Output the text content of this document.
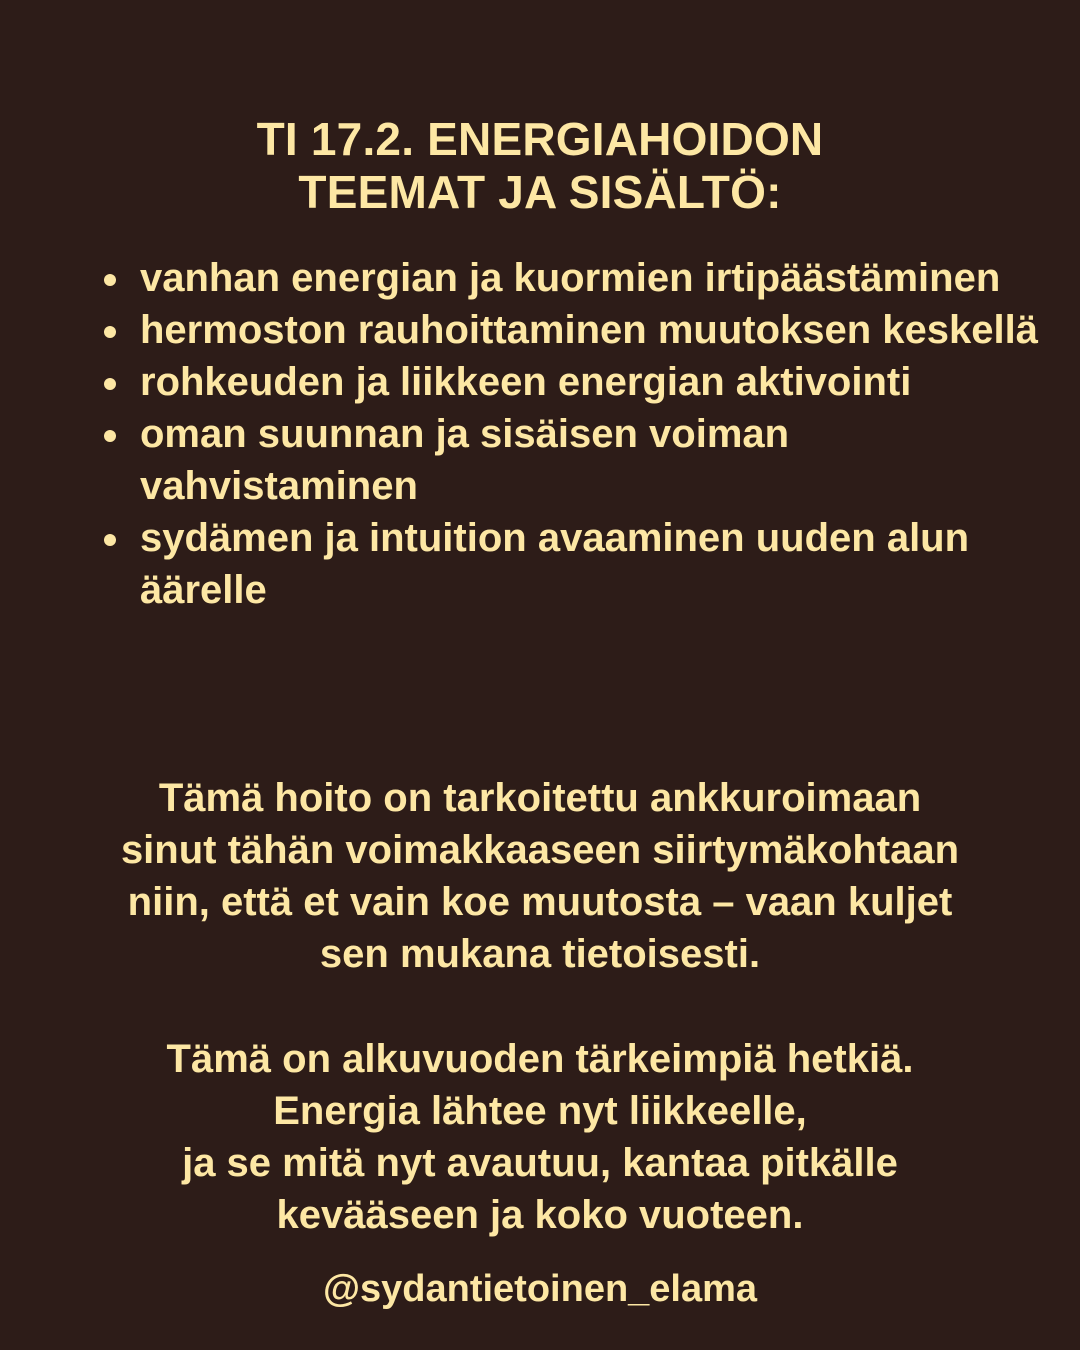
TI 17.2. ENERGIAHOIDON
TEEMAT JA SISÄLTÖ:
vanhan energian ja kuormien irtipäästäminen
hermoston rauhoittaminen muutoksen keskellä
rohkeuden ja liikkeen energian aktivointi
oman suunnan ja sisäisen voiman vahvistaminen
sydämen ja intuition avaaminen uuden alun äärelle
Tämä hoito on tarkoitettu ankkuroimaan
sinut tähän voimakkaaseen siirtymäkohtaan
niin, että et vain koe muutosta – vaan kuljet
sen mukana tietoisesti.
Tämä on alkuvuoden tärkeimpiä hetkiä.
Energia lähtee nyt liikkeelle,
ja se mitä nyt avautuu, kantaa pitkälle
kevääseen ja koko vuoteen.
@sydantietoinen_elama
